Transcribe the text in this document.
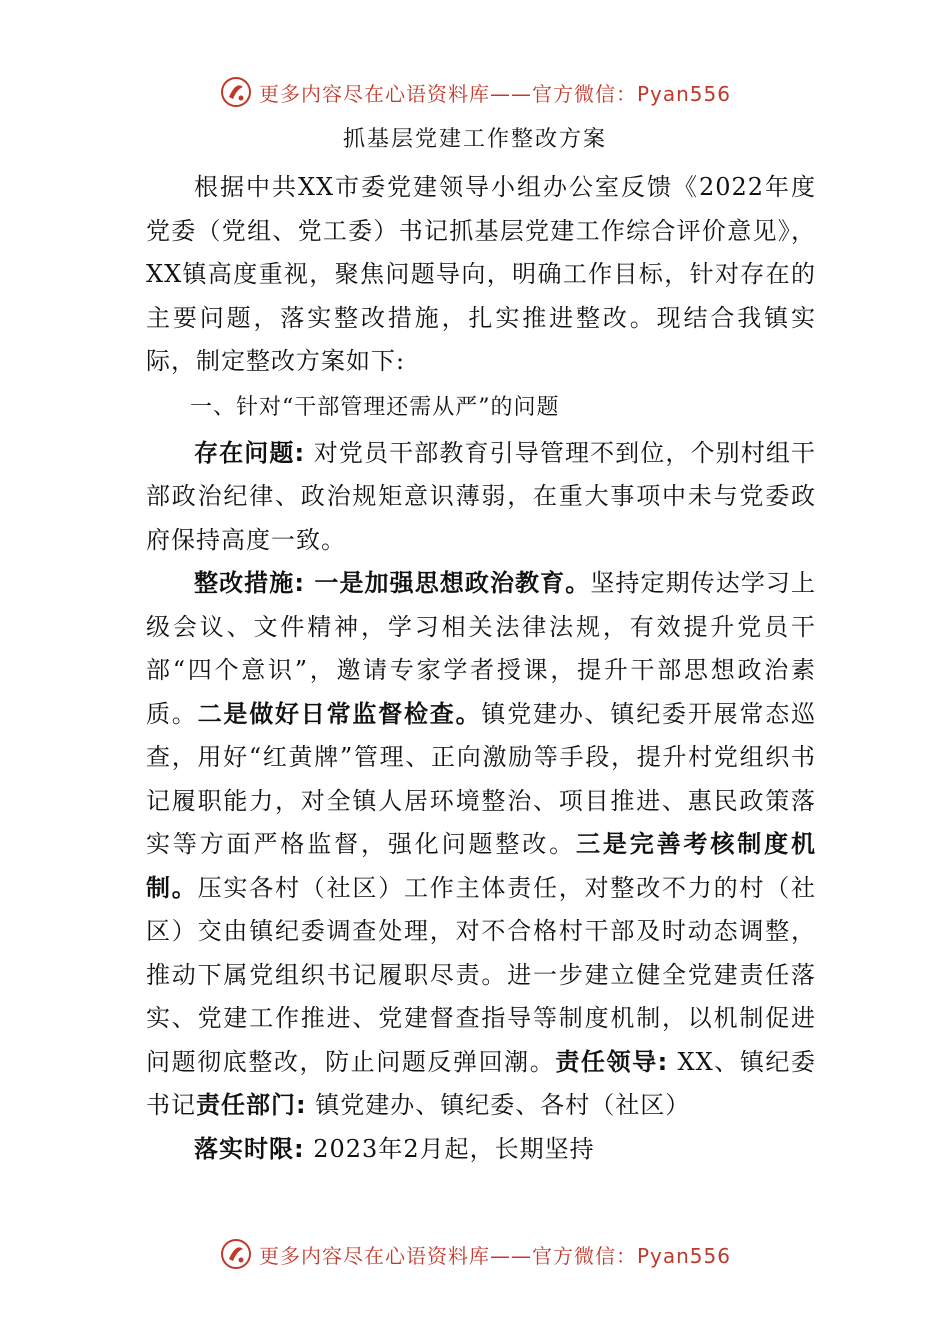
更多内容尽在心语资料库——官方微信：Pyan556
抓基层党建工作整改方案

根据中共XX市委党建领导小组办公室反馈《2022年度党委（党组、党工委）书记抓基层党建工作综合评价意见》，XX镇高度重视，聚焦问题导向，明确工作目标，针对存在的主要问题，落实整改措施，扎实推进整改。现结合我镇实际，制定整改方案如下:

一、针对“干部管理还需从严”的问题

存在问题: 对党员干部教育引导管理不到位，个别村组干部政治纪律、政治规矩意识薄弱，在重大事项中未与党委政府保持高度一致。

整改措施: 一是加强思想政治教育。坚持定期传达学习上级会议、文件精神，学习相关法律法规，有效提升党员干部“四个意识”，邀请专家学者授课，提升干部思想政治素质。二是做好日常监督检查。镇党建办、镇纪委开展常态巡查，用好“红黄牌”管理、正向激励等手段，提升村党组织书记履职能力，对全镇人居环境整治、项目推进、惠民政策落实等方面严格监督，强化问题整改。三是完善考核制度机制。压实各村（社区）工作主体责任，对整改不力的村（社区）交由镇纪委调查处理，对不合格村干部及时动态调整，推动下属党组织书记履职尽责。进一步建立健全党建责任落实、党建工作推进、党建督查指导等制度机制，以机制促进问题彻底整改，防止问题反弹回潮。责任领导: XX、镇纪委书记责任部门: 镇党建办、镇纪委、各村（社区）

落实时限: 2023年2月起，长期坚持

更多内容尽在心语资料库——官方微信：Pyan556
